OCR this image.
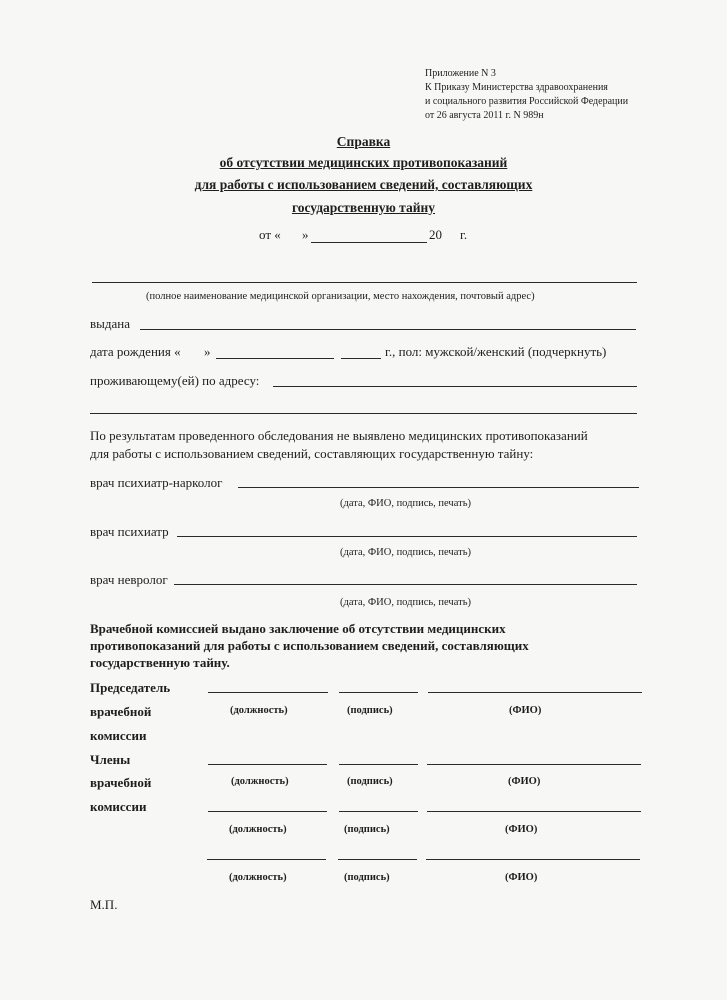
Приложение N 3
К Приказу Министерства здравоохранения
и социального развития Российской Федерации
от 26 августа 2011 г. N 989н
Справка
об отсутствии медицинских противопоказаний
для работы с использованием сведений, составляющих
государственную тайну
от « »	20 г.
(полное наименование медицинской организации, место нахождения, почтовый адрес)
выдана
дата рождения « »	г., пол: мужской/женский (подчеркнуть)
проживающему(ей) по адресу:
По результатам проведенного обследования не выявлено медицинских противопоказаний
для работы с использованием сведений, составляющих государственную тайну:
врач психиатр-нарколог
(дата, ФИО, подпись, печать)
врач психиатр
(дата, ФИО, подпись, печать)
врач невролог
(дата, ФИО, подпись, печать)
Врачебной комиссией выдано заключение об отсутствии медицинских
противопоказаний для работы с использованием сведений, составляющих
государственную тайну.
Председатель
врачебной
комиссии
(должность)	(подпись)	(ФИО)
Члены
врачебной
комиссии
(должность)	(подпись)	(ФИО)
(должность)	(подпись)	(ФИО)
(должность)	(подпись)	(ФИО)
М.П.
